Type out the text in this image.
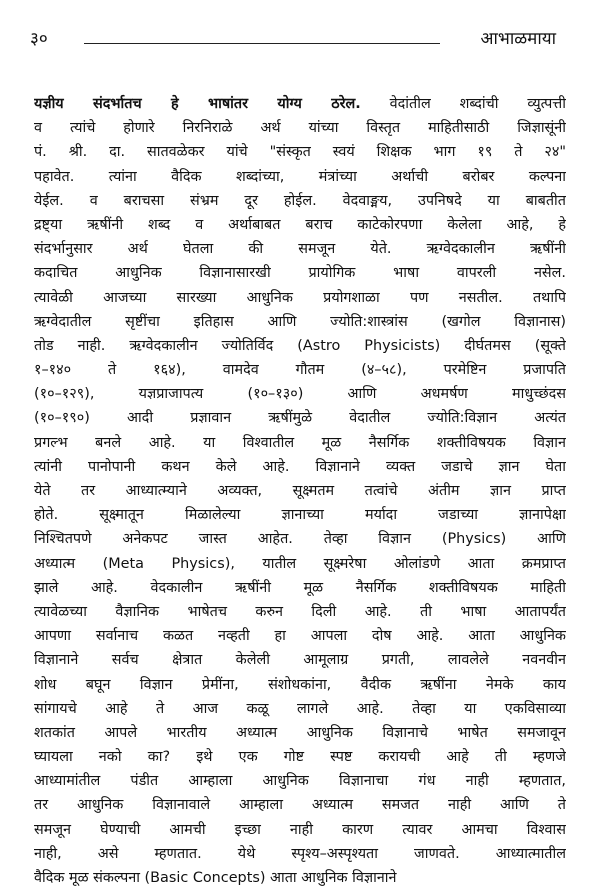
३०	आभाळमाया
यज्ञीय संदर्भातच हे भाषांतर योग्य ठरेल. वेदांतील शब्दांची व्युत्पत्ती
व त्यांचे होणारे निरनिराळे अर्थ यांच्या विस्तृत माहितीसाठी जिज्ञासूंनी
पं. श्री. दा. सातवळेकर यांचे "संस्कृत स्वयं शिक्षक भाग १९ ते २४"
पहावेत. त्यांना वैदिक शब्दांच्या, मंत्रांच्या अर्थाची बरोबर कल्पना
येईल. व बराचसा संभ्रम दूर होईल. वेदवाङ्मय, उपनिषदे या बाबतीत
द्रष्ट्या ऋषींनी शब्द व अर्थाबाबत बराच काटेकोरपणा केलेला आहे, हे
संदर्भानुसार अर्थ घेतला की समजून येते. ऋग्वेदकालीन ऋषींनी
कदाचित आधुनिक विज्ञानासारखी प्रायोगिक भाषा वापरली नसेल.
त्यावेळी आजच्या सारख्या आधुनिक प्रयोगशाळा पण नसतील. तथापि
ऋग्वेदातील सृष्टींचा इतिहास आणि ज्योति:शास्त्रांस (खगोल विज्ञानास)
तोड नाही. ऋग्वेदकालीन ज्योतिर्विद (Astro Physicists) दीर्घतमस (सूक्ते
१–१४० ते १६४), वामदेव गौतम (४–५८), परमेष्टिन प्रजापति
(१०–१२९), यज्ञप्राजापत्य (१०–१३०) आणि अधमर्षण माधुच्छंदस
(१०–१९०) आदी प्रज्ञावान ऋषींमुळे वेदातील ज्योति:विज्ञान अत्यंत
प्रगल्भ बनले आहे. या विश्वातील मूळ नैसर्गिक शक्तीविषयक विज्ञान
त्यांनी पानोपानी कथन केले आहे. विज्ञानाने व्यक्त जडाचे ज्ञान घेता
येते तर आध्यात्म्याने अव्यक्त, सूक्ष्मतम तत्वांचे अंतीम ज्ञान प्राप्त
होते. सूक्ष्मातून मिळालेल्या ज्ञानाच्या मर्यादा जडाच्या ज्ञानापेक्षा
निश्चितपणे अनेकपट जास्त आहेत. तेव्हा विज्ञान (Physics) आणि
अध्यात्म (Meta Physics), यातील सूक्ष्मरेषा ओलांडणे आता क्रमप्राप्त
झाले आहे. वेदकालीन ऋषींनी मूळ नैसर्गिक शक्तीविषयक माहिती
त्यावेळच्या वैज्ञानिक भाषेतच करुन दिली आहे. ती भाषा आतापर्यंत
आपणा सर्वानाच कळत नव्हती हा आपला दोष आहे. आता आधुनिक
विज्ञानाने सर्वच क्षेत्रात केलेली आमूलाग्र प्रगती, लावलेले नवनवीन
शोध बघून विज्ञान प्रेमींना, संशोधकांना, वैदीक ऋषींना नेमके काय
सांगायचे आहे ते आज कळू लागले आहे. तेव्हा या एकविसाव्या
शतकांत आपले भारतीय अध्यात्म आधुनिक विज्ञानाचे भाषेत समजावून
घ्यायला नको का? इथे एक गोष्ट स्पष्ट करायची आहे ती म्हणजे
आध्यामांतील पंडीत आम्हाला आधुनिक विज्ञानाचा गंध नाही म्हणतात,
तर आधुनिक विज्ञानावाले आम्हाला अध्यात्म समजत नाही आणि ते
समजून घेण्याची आमची इच्छा नाही कारण त्यावर आमचा विश्वास
नाही, असे म्हणतात. येथे स्पृश्य–अस्पृश्यता जाणवते. आध्यात्मातील
वैदिक मूळ संकल्पना (Basic Concepts) आता आधुनिक विज्ञानाने
